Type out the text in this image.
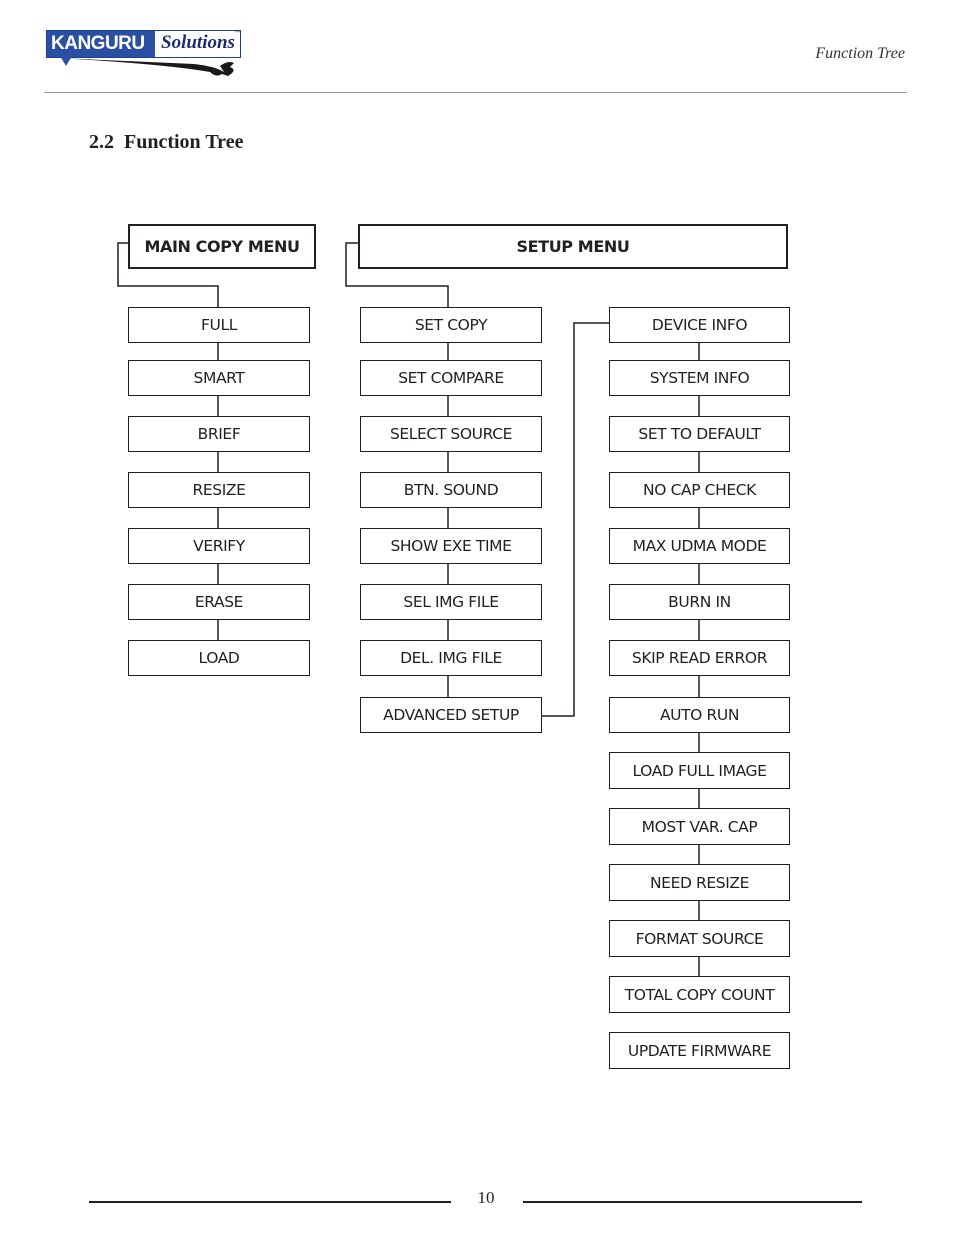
KANGURU Solutions ™
Function Tree
2.2 Function Tree
MAIN COPY MENU	SETUP MENU
FULL
SMART
BRIEF
RESIZE
VERIFY
ERASE
LOAD
SET COPY
SET COMPARE
SELECT SOURCE
BTN. SOUND
SHOW EXE TIME
SEL IMG FILE
DEL. IMG FILE
ADVANCED SETUP
DEVICE INFO
SYSTEM INFO
SET TO DEFAULT
NO CAP CHECK
MAX UDMA MODE
BURN IN
SKIP READ ERROR
AUTO RUN
LOAD FULL IMAGE
MOST VAR. CAP
NEED RESIZE
FORMAT SOURCE
TOTAL COPY COUNT
UPDATE FIRMWARE
10
